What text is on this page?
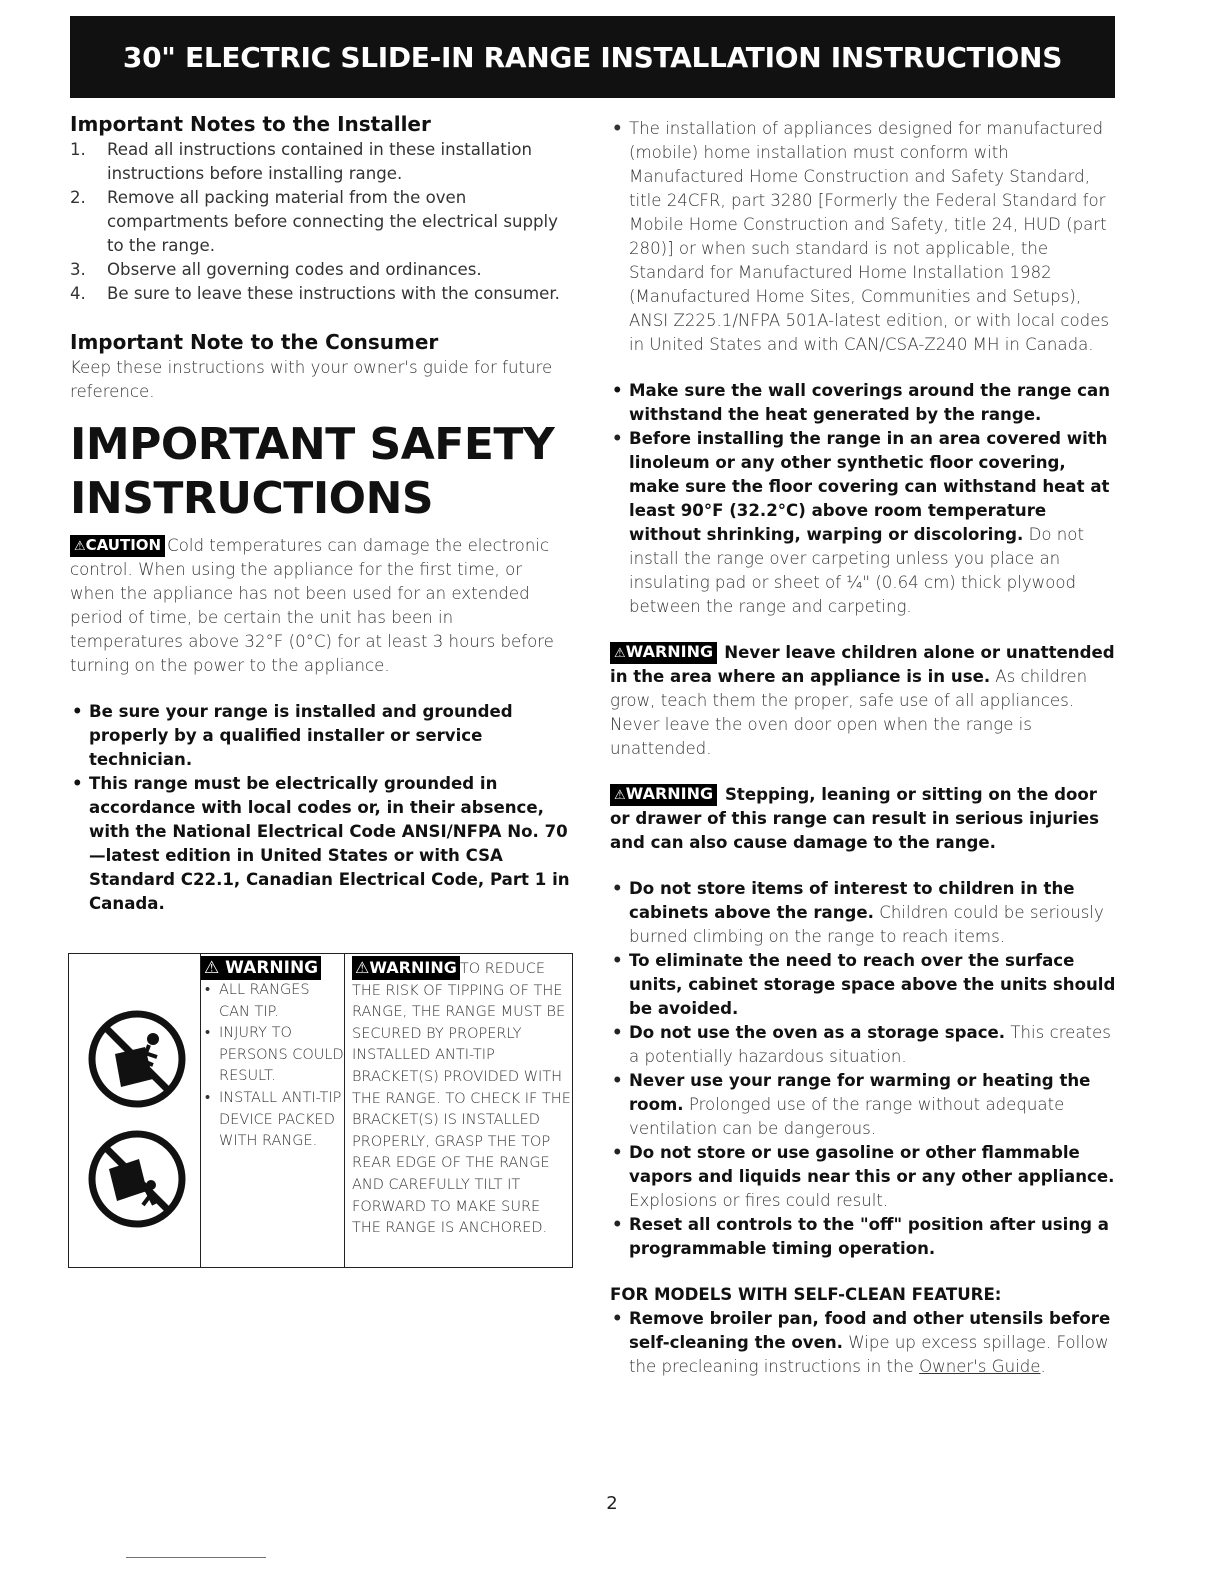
30" ELECTRIC SLIDE-IN RANGE INSTALLATION INSTRUCTIONS
Important Notes to the Installer
1.	Read all instructions contained in these installation instructions before installing range.
2.	Remove all packing material from the oven compartments before connecting the electrical supply to the range.
3.	Observe all governing codes and ordinances.
4.	Be sure to leave these instructions with the consumer.
Important Note to the Consumer
Keep these instructions with your owner's guide for future reference.
IMPORTANT SAFETY INSTRUCTIONS
⚠CAUTION Cold temperatures can damage the electronic control. When using the appliance for the first time, or when the appliance has not been used for an extended period of time, be certain the unit has been in temperatures above 32°F (0°C) for at least 3 hours before turning on the power to the appliance.
• Be sure your range is installed and grounded properly by a qualified installer or service technician.
• This range must be electrically grounded in accordance with local codes or, in their absence, with the National Electrical Code ANSI/NFPA No. 70—latest edition in United States or with CSA Standard C22.1, Canadian Electrical Code, Part 1 in Canada.
⚠ WARNING
• ALL RANGES CAN TIP.
• INJURY TO PERSONS COULD RESULT.
• INSTALL ANTI-TIP DEVICE PACKED WITH RANGE.
⚠WARNING TO REDUCE
THE RISK OF TIPPING OF THE RANGE, THE RANGE MUST BE SECURED BY PROPERLY INSTALLED ANTI-TIP BRACKET(S) PROVIDED WITH THE RANGE. TO CHECK IF THE BRACKET(S) IS INSTALLED PROPERLY, GRASP THE TOP REAR EDGE OF THE RANGE AND CAREFULLY TILT IT FORWARD TO MAKE SURE THE RANGE IS ANCHORED.
• The installation of appliances designed for manufactured (mobile) home installation must conform with Manufactured Home Construction and Safety Standard, title 24CFR, part 3280 [Formerly the Federal Standard for Mobile Home Construction and Safety, title 24, HUD (part 280)] or when such standard is not applicable, the Standard for Manufactured Home Installation 1982 (Manufactured Home Sites, Communities and Setups), ANSI Z225.1/NFPA 501A-latest edition, or with local codes in United States and with CAN/CSA-Z240 MH in Canada.
• Make sure the wall coverings around the range can withstand the heat generated by the range.
• Before installing the range in an area covered with linoleum or any other synthetic floor covering, make sure the floor covering can withstand heat at least 90°F (32.2°C) above room temperature without shrinking, warping or discoloring. Do not install the range over carpeting unless you place an insulating pad or sheet of ¼" (0.64 cm) thick plywood between the range and carpeting.
⚠WARNING Never leave children alone or unattended in the area where an appliance is in use. As children grow, teach them the proper, safe use of all appliances. Never leave the oven door open when the range is unattended.
⚠WARNING Stepping, leaning or sitting on the door or drawer of this range can result in serious injuries and can also cause damage to the range.
• Do not store items of interest to children in the cabinets above the range. Children could be seriously burned climbing on the range to reach items.
• To eliminate the need to reach over the surface units, cabinet storage space above the units should be avoided.
• Do not use the oven as a storage space. This creates a potentially hazardous situation.
• Never use your range for warming or heating the room. Prolonged use of the range without adequate ventilation can be dangerous.
• Do not store or use gasoline or other flammable vapors and liquids near this or any other appliance. Explosions or fires could result.
• Reset all controls to the "off" position after using a programmable timing operation.
FOR MODELS WITH SELF-CLEAN FEATURE:
• Remove broiler pan, food and other utensils before self-cleaning the oven. Wipe up excess spillage. Follow the precleaning instructions in the Owner's Guide.
2
